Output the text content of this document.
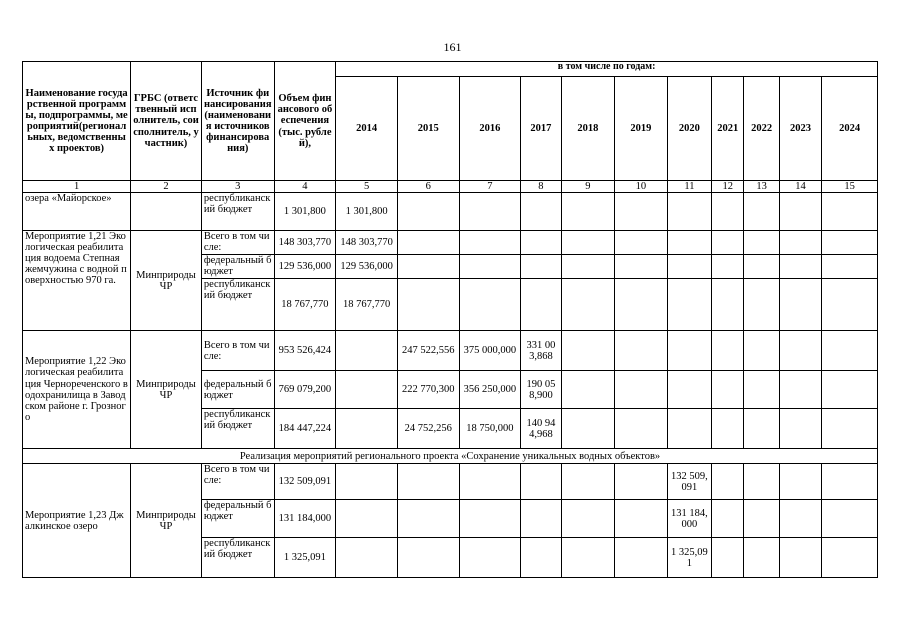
161
Наименование государственной программы, подпрограммы, мероприятий(региональных, ведомственных проектов)	ГРБС (ответственный исполнитель, соисполнитель, участник)	Источник финансирования (наименования источников финансирования)	Объем финансового обеспечения (тыс. рублей),	в том числе по годам:										
				2014	2015	2016	2017	2018	2019	2020	2021	2022	2023	2024
1	2	3	4	5	6	7	8	9	10	11	12	13	14	15
озера «Майорское»		республиканский бюджет	1 301,800	1 301,800										
Мероприятие 1,21 Экологическая реабилитация водоема Степная жемчужина с водной поверхностью 970 га.	Минприроды ЧР	Всего в том числе:	148 303,770	148 303,770										
		федеральный бюджет	129 536,000	129 536,000										
		республиканский бюджет	18 767,770	18 767,770										
Мероприятие 1,22 Экологическая реабилитация Чернореченского водохранилища в Заводском районе г. Грозного	Минприроды ЧР	Всего в том числе:	953 526,424		247 522,556	375 000,000	331 003,868							
		федеральный бюджет	769 079,200		222 770,300	356 250,000	190 058,900							
		республиканский бюджет	184 447,224		24 752,256	18 750,000	140 944,968							
Реализация мероприятий регионального проекта «Сохранение уникальных водных объектов»														
Мероприятие 1,23 Джалкинское озеро	Минприроды ЧР	Всего в том числе:	132 509,091							132 509,091				
		федеральный бюджет	131 184,000							131 184,000				
		республиканский бюджет	1 325,091							1 325,091				
